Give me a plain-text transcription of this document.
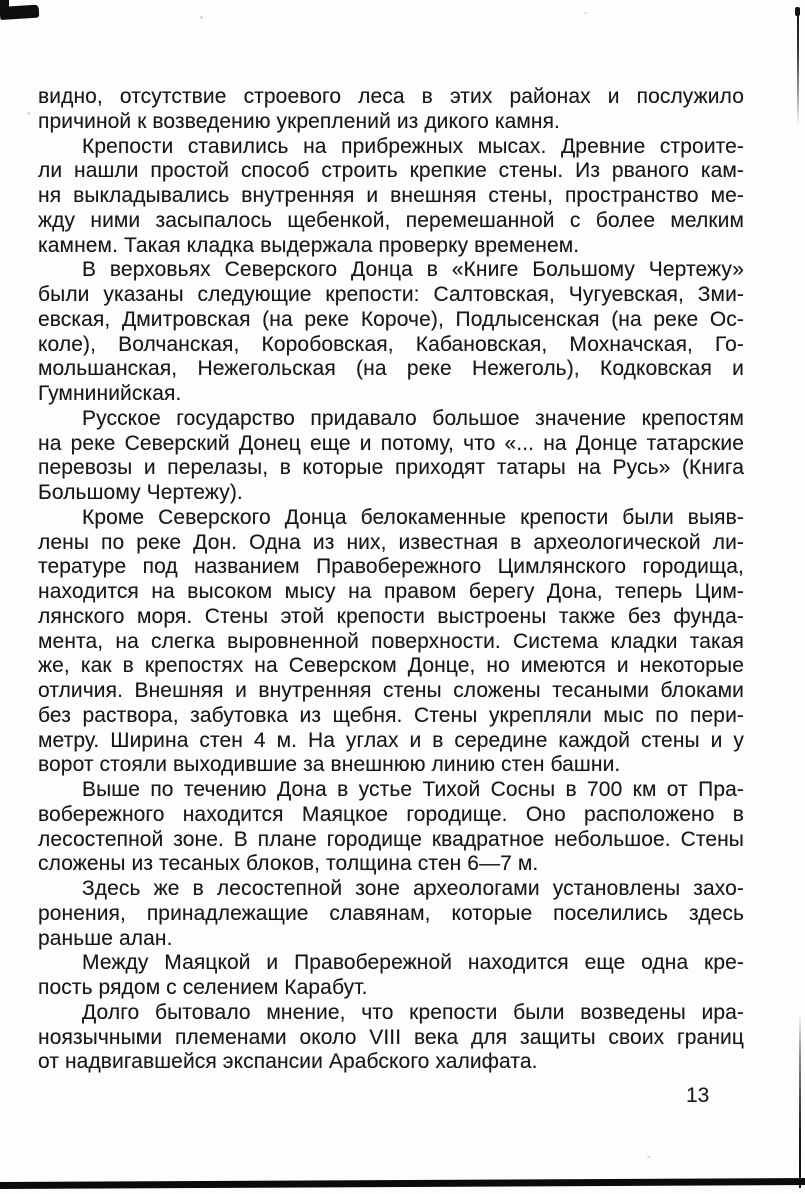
видно, отсутствие строевого леса в этих районах и послужило
причиной к возведению укреплений из дикого камня.
Крепости ставились на прибрежных мысах. Древние строите-
ли нашли простой способ строить крепкие стены. Из рваного кам-
ня выкладывались внутренняя и внешняя стены, пространство ме-
жду ними засыпалось щебенкой, перемешанной с более мелким
камнем. Такая кладка выдержала проверку временем.
В верховьях Северского Донца в «Книге Большому Чертежу»
были указаны следующие крепости: Салтовская, Чугуевская, Зми-
евская, Дмитровская (на реке Короче), Подлысенская (на реке Ос-
коле), Волчанская, Коробовская, Кабановская, Мохначская, Го-
мольшанская, Нежегольская (на реке Нежеголь), Кодковская и
Гумнинийская.
Русское государство придавало большое значение крепостям
на реке Северский Донец еще и потому, что «... на Донце татарские
перевозы и перелазы, в которые приходят татары на Русь» (Книга
Большому Чертежу).
Кроме Северского Донца белокаменные крепости были выяв-
лены по реке Дон. Одна из них, известная в археологической ли-
тературе под названием Правобережного Цимлянского городища,
находится на высоком мысу на правом берегу Дона, теперь Цим-
лянского моря. Стены этой крепости выстроены также без фунда-
мента, на слегка выровненной поверхности. Система кладки такая
же, как в крепостях на Северском Донце, но имеются и некоторые
отличия. Внешняя и внутренняя стены сложены тесаными блоками
без раствора, забутовка из щебня. Стены укрепляли мыс по пери-
метру. Ширина стен 4 м. На углах и в середине каждой стены и у
ворот стояли выходившие за внешнюю линию стен башни.
Выше по течению Дона в устье Тихой Сосны в 700 км от Пра-
вобережного находится Маяцкое городище. Оно расположено в
лесостепной зоне. В плане городище квадратное небольшое. Стены
сложены из тесаных блоков, толщина стен 6—7 м.
Здесь же в лесостепной зоне археологами установлены захо-
ронения, принадлежащие славянам, которые поселились здесь
раньше алан.
Между Маяцкой и Правобережной находится еще одна кре-
пость рядом с селением Карабут.
Долго бытовало мнение, что крепости были возведены ира-
ноязычными племенами около VIII века для защиты своих границ
от надвигавшейся экспансии Арабского халифата.
13
